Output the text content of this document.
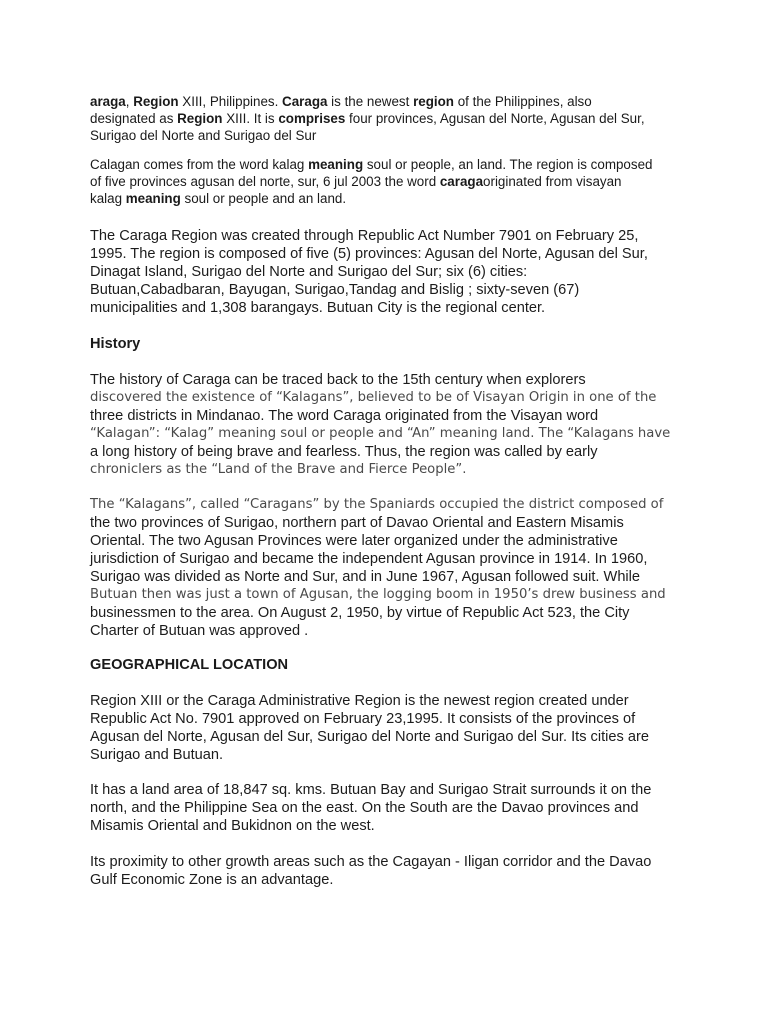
araga, Region XIII, Philippines. Caraga is the newest region of the Philippines, also
designated as Region XIII. It is comprises four provinces, Agusan del Norte, Agusan del Sur,
Surigao del Norte and Surigao del Sur
Calagan comes from the word kalag meaning soul or people, an land. The region is composed
of five provinces agusan del norte, sur, 6 jul 2003 the word caragaoriginated from visayan
kalag meaning soul or people and an land.
The Caraga Region was created through Republic Act Number 7901 on February 25,
1995. The region is composed of five (5) provinces: Agusan del Norte, Agusan del Sur,
Dinagat Island, Surigao del Norte and Surigao del Sur; six (6) cities:
Butuan,Cabadbaran, Bayugan, Surigao,Tandag and Bislig ; sixty-seven (67)
municipalities and 1,308 barangays. Butuan City is the regional center.
History
The history of Caraga can be traced back to the 15th century when explorers
discovered the existence of “Kalagans”, believed to be of Visayan Origin in one of the
three districts in Mindanao. The word Caraga originated from the Visayan word
“Kalagan”: “Kalag” meaning soul or people and “An” meaning land. The “Kalagans have
a long history of being brave and fearless. Thus, the region was called by early
chroniclers as the “Land of the Brave and Fierce People”.
The “Kalagans”, called “Caragans” by the Spaniards occupied the district composed of
the two provinces of Surigao, northern part of Davao Oriental and Eastern Misamis
Oriental. The two Agusan Provinces were later organized under the administrative
jurisdiction of Surigao and became the independent Agusan province in 1914. In 1960,
Surigao was divided as Norte and Sur, and in June 1967, Agusan followed suit. While
Butuan then was just a town of Agusan, the logging boom in 1950’s drew business and
businessmen to the area. On August 2, 1950, by virtue of Republic Act 523, the City
Charter of Butuan was approved .
GEOGRAPHICAL LOCATION
Region XIII or the Caraga Administrative Region is the newest region created under
Republic Act No. 7901 approved on February 23,1995. It consists of the provinces of
Agusan del Norte, Agusan del Sur, Surigao del Norte and Surigao del Sur. Its cities are
Surigao and Butuan.
It has a land area of 18,847 sq. kms. Butuan Bay and Surigao Strait surrounds it on the
north, and the Philippine Sea on the east. On the South are the Davao provinces and
Misamis Oriental and Bukidnon on the west.
Its proximity to other growth areas such as the Cagayan - Iligan corridor and the Davao
Gulf Economic Zone is an advantage.
